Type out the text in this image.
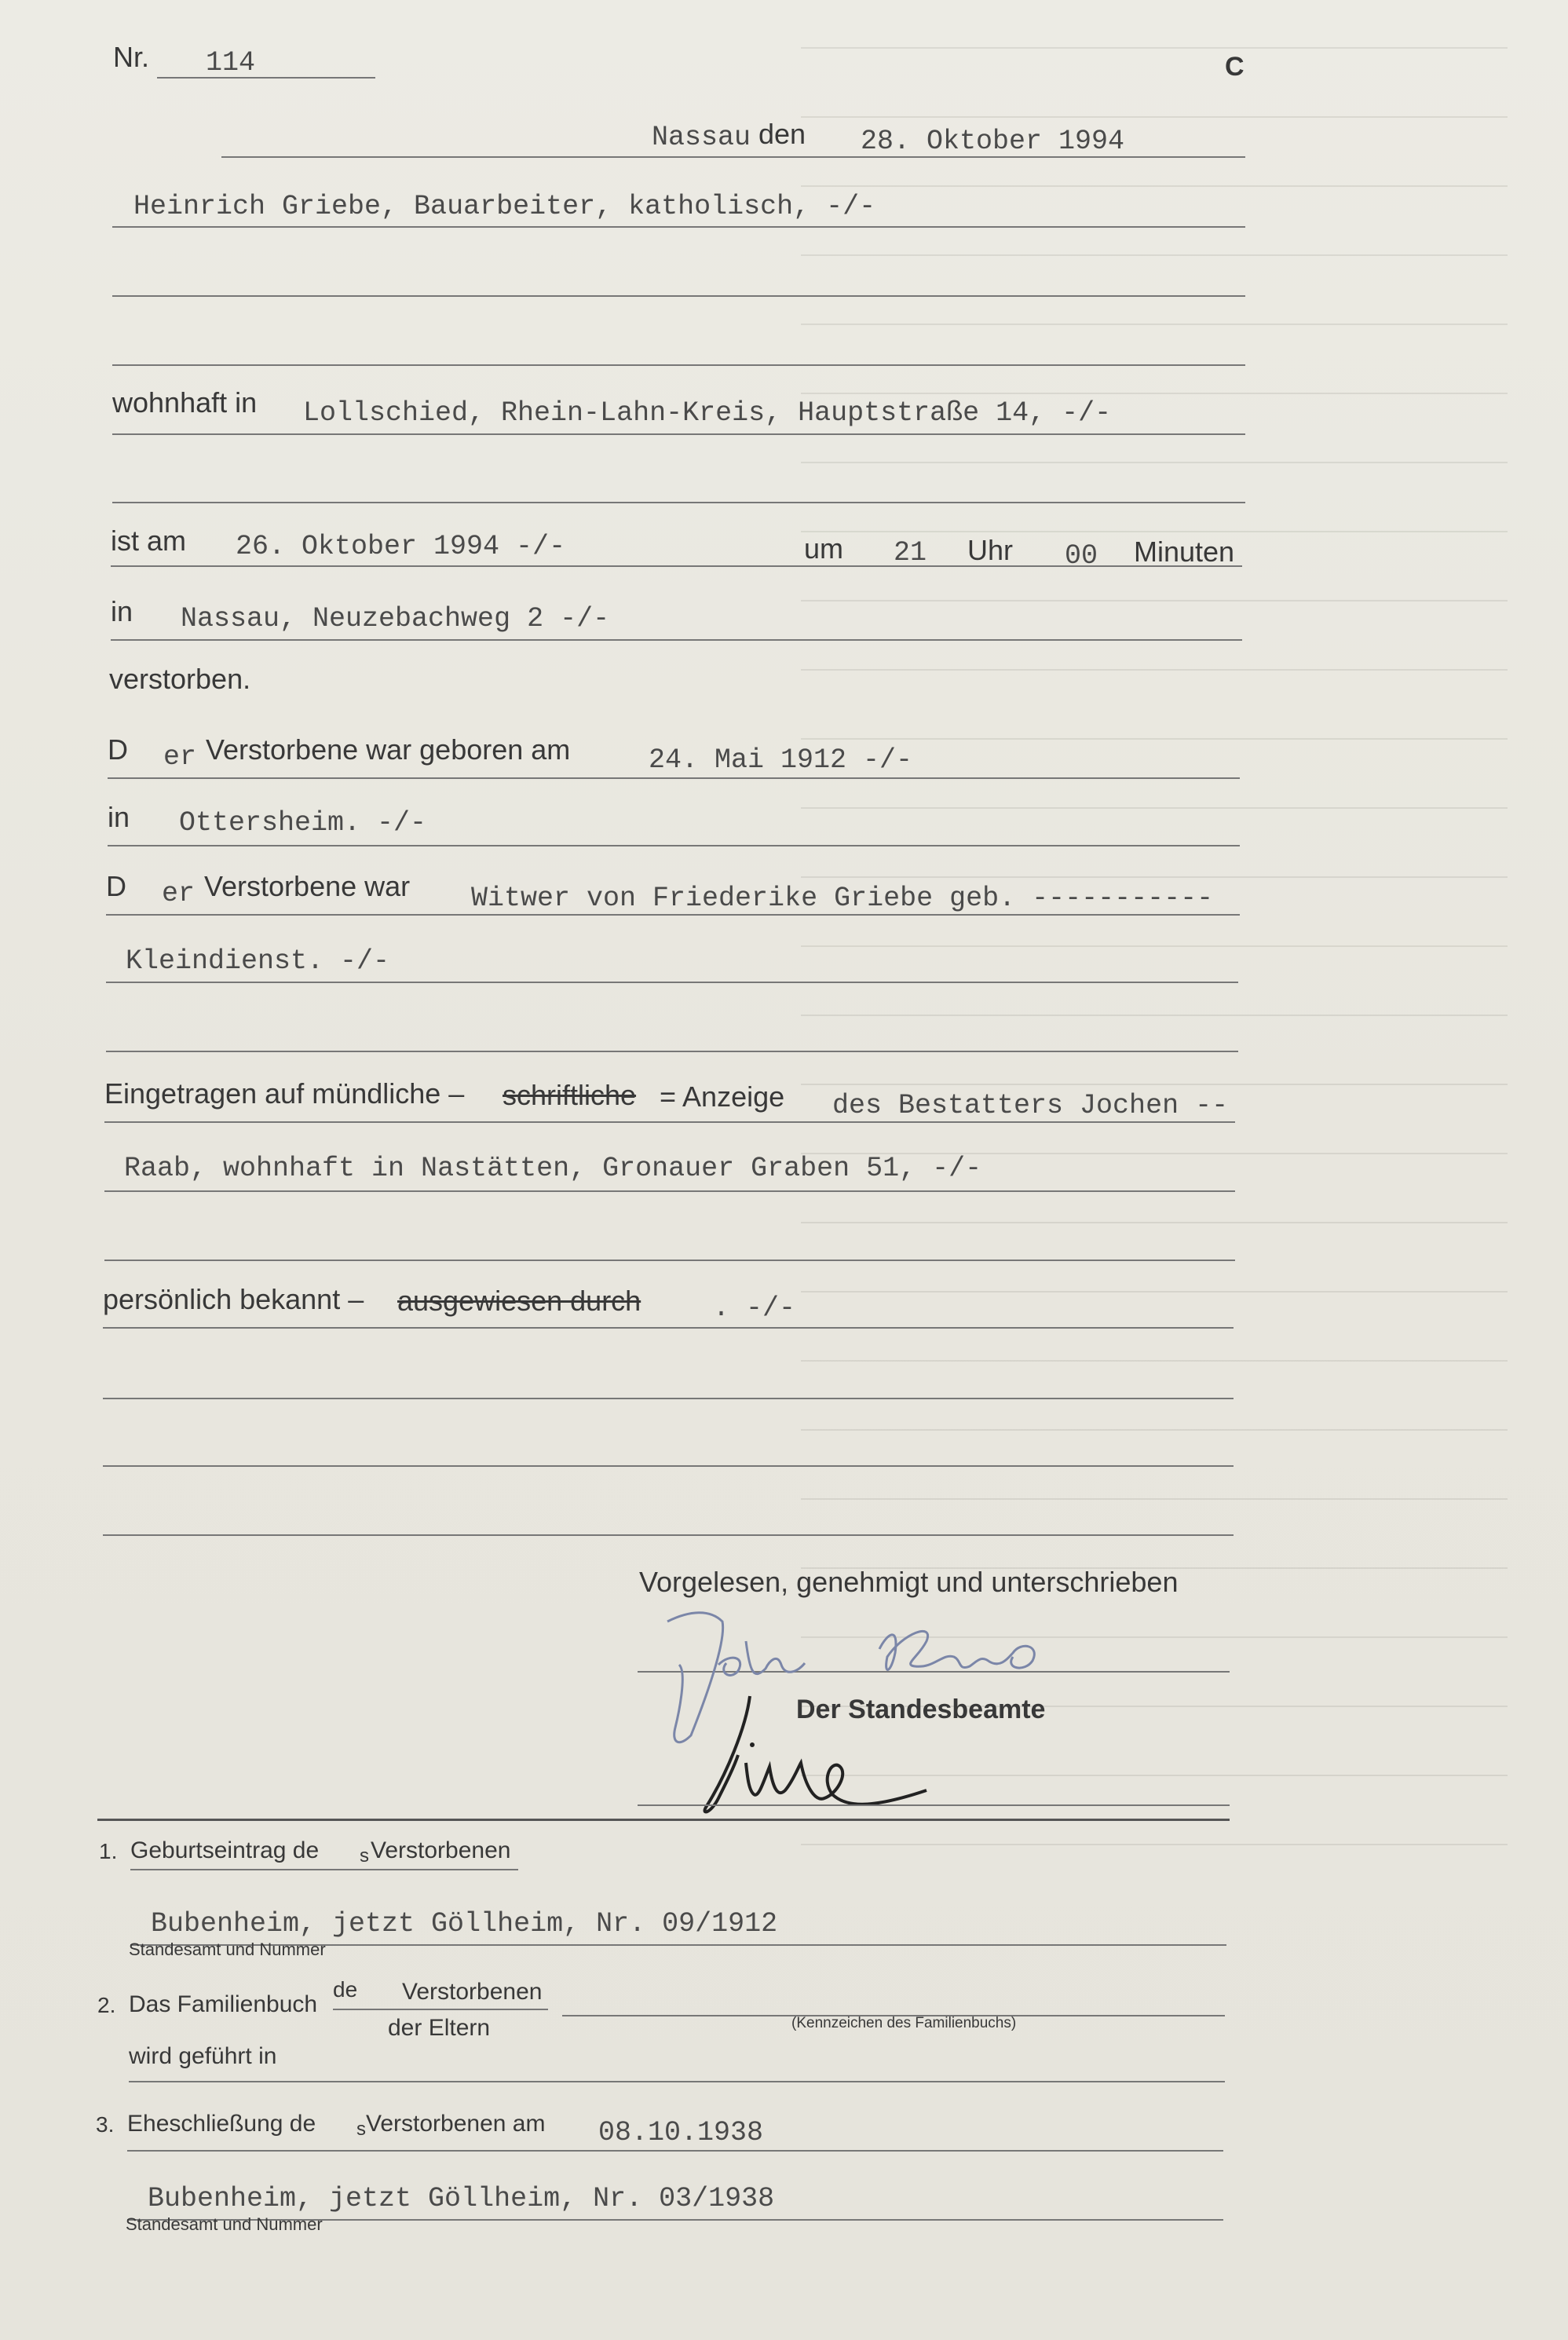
Nr. 114	C
Nassau den 28. Oktober 1994
Heinrich Griebe, Bauarbeiter, katholisch, -/-
wohnhaft in Lollschied, Rhein-Lahn-Kreis, Hauptstraße 14, -/-
ist am 26. Oktober 1994 -/-	um 21 Uhr 00 Minuten
in Nassau, Neuzebachweg 2 -/-
verstorben.
D er Verstorbene war geboren am	24. Mai 1912 -/-
in Ottersheim. -/-
D er Verstorbene war Witwer von Friederike Griebe geb. -----------
Kleindienst. -/-
Eingetragen auf mündliche – schriftliche = Anzeige des Bestatters Jochen --
Raab, wohnhaft in Nastätten, Gronauer Graben 51, -/-
persönlich bekannt – ausgewiesen durch	. -/-
Vorgelesen, genehmigt und unterschrieben
Der Standesbeamte
1. Geburtseintrag de s Verstorbenen
Bubenheim, jetzt Göllheim, Nr. 09/1912
Standesamt und Nummer
2. Das Familienbuch
de Verstorbenen
der Eltern	(Kennzeichen des Familienbuchs)
wird geführt in
3. Eheschließung de s Verstorbenen am 08.10.1938
Bubenheim, jetzt Göllheim, Nr. 03/1938
Standesamt und Nummer
